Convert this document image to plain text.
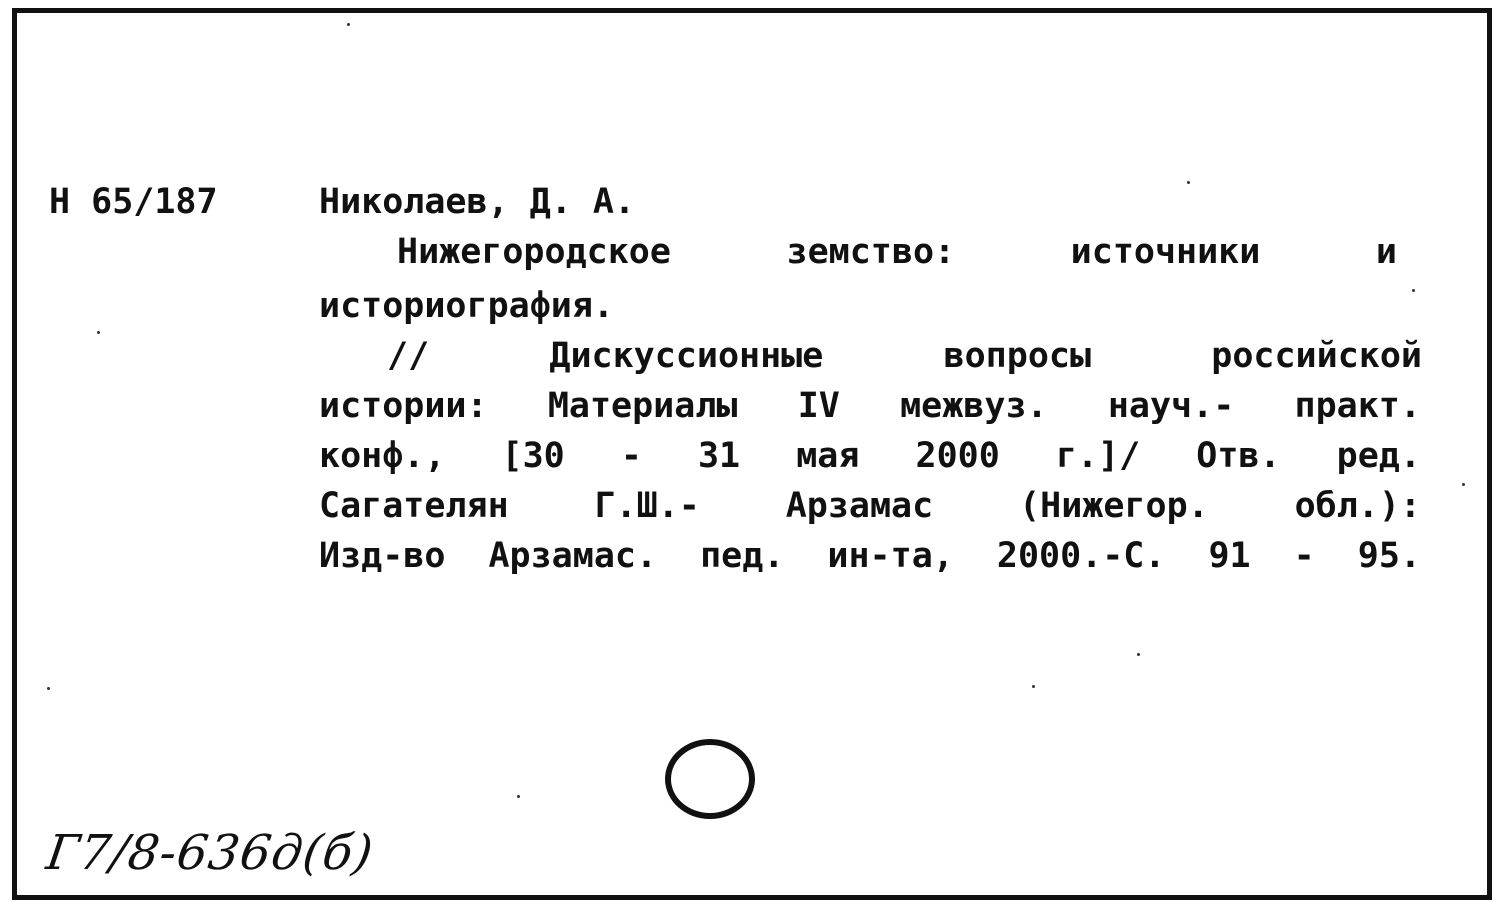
Н 65/187	Николаев, Д. А.
Нижегородское	земство:	источники	и
историография.
//	Дискуссионные	вопросы	российской
истории: Материалы IV межвуз. науч.- практ.
конф., [30 - 31 мая 2000 г.]/ Отв. ред.
Сагателян Г.Ш.- Арзамас (Нижегор. обл.):
Изд-во Арзамас. пед. ин-та, 2000.-С. 91 - 95.
Г7/8-636д(б)
